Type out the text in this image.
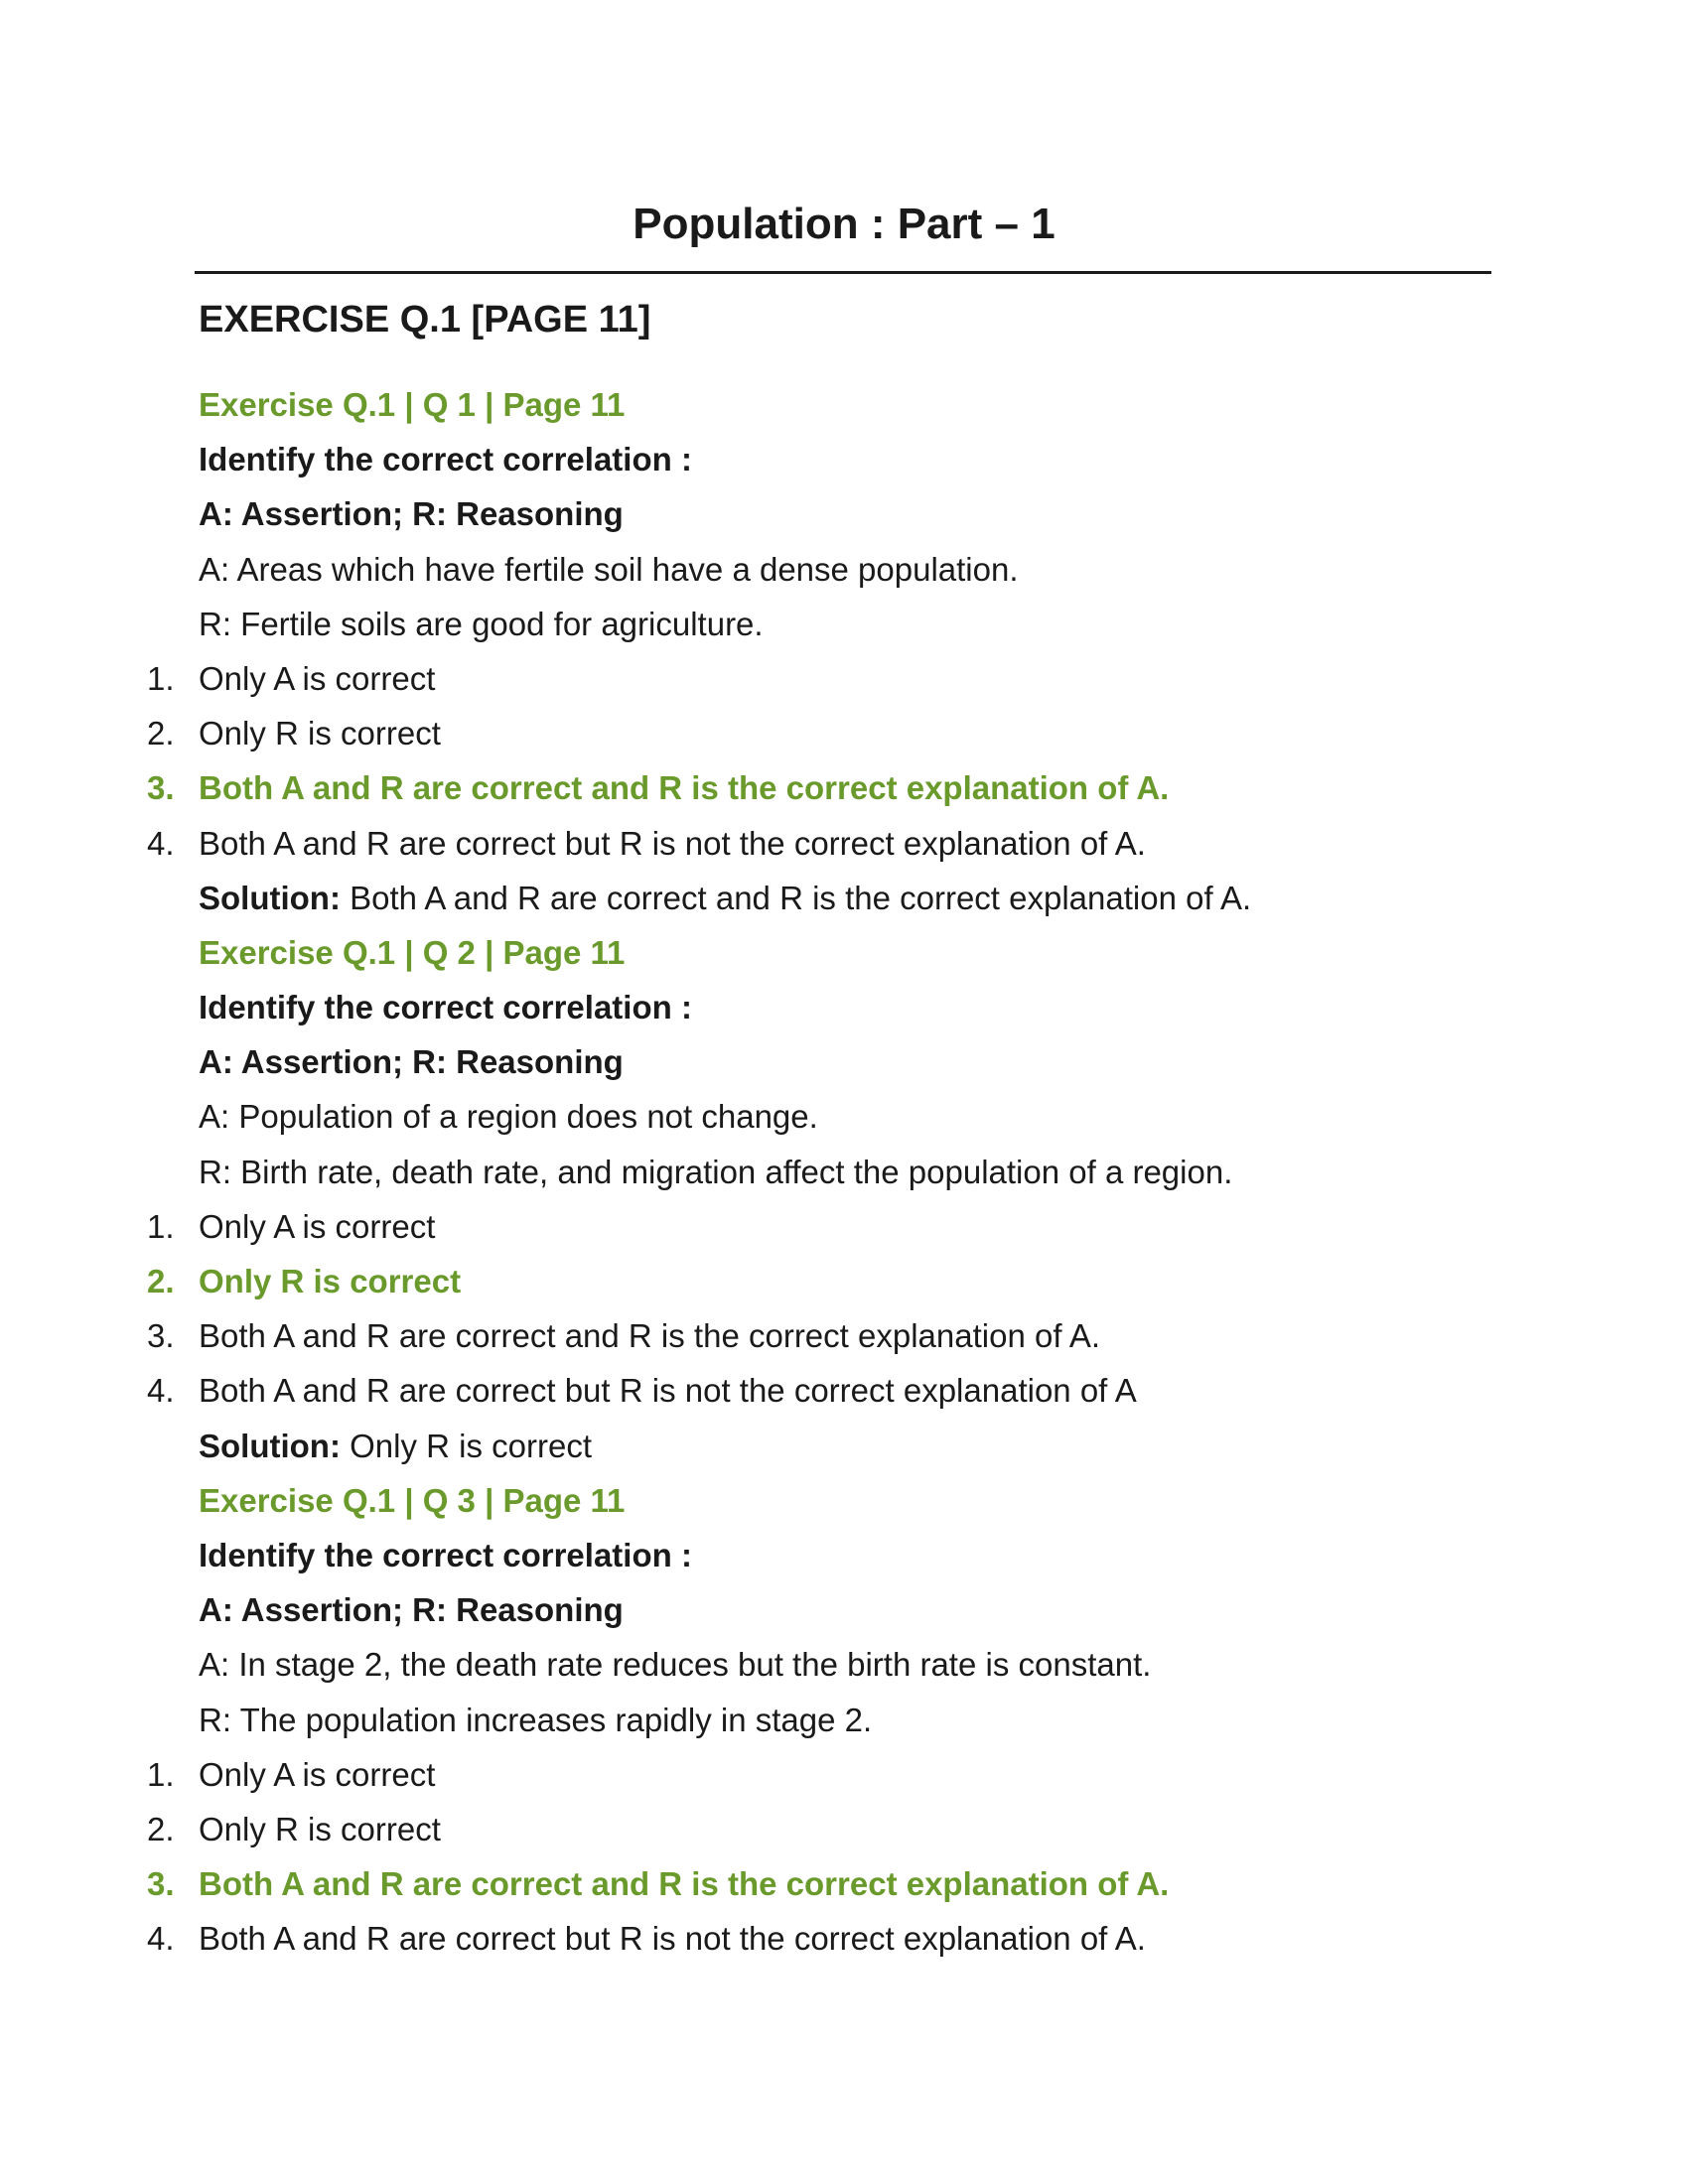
Population : Part – 1
EXERCISE Q.1 [PAGE 11]
Exercise Q.1 | Q 1 | Page 11
Identify the correct correlation :
A: Assertion; R: Reasoning
A: Areas which have fertile soil have a dense population.
R: Fertile soils are good for agriculture.
1. Only A is correct
2. Only R is correct
3. Both A and R are correct and R is the correct explanation of A.
4. Both A and R are correct but R is not the correct explanation of A.
Solution: Both A and R are correct and R is the correct explanation of A.
Exercise Q.1 | Q 2 | Page 11
Identify the correct correlation :
A: Assertion; R: Reasoning
A: Population of a region does not change.
R: Birth rate, death rate, and migration affect the population of a region.
1. Only A is correct
2. Only R is correct
3. Both A and R are correct and R is the correct explanation of A.
4. Both A and R are correct but R is not the correct explanation of A
Solution: Only R is correct
Exercise Q.1 | Q 3 | Page 11
Identify the correct correlation :
A: Assertion; R: Reasoning
A: In stage 2, the death rate reduces but the birth rate is constant.
R: The population increases rapidly in stage 2.
1. Only A is correct
2. Only R is correct
3. Both A and R are correct and R is the correct explanation of A.
4. Both A and R are correct but R is not the correct explanation of A.
